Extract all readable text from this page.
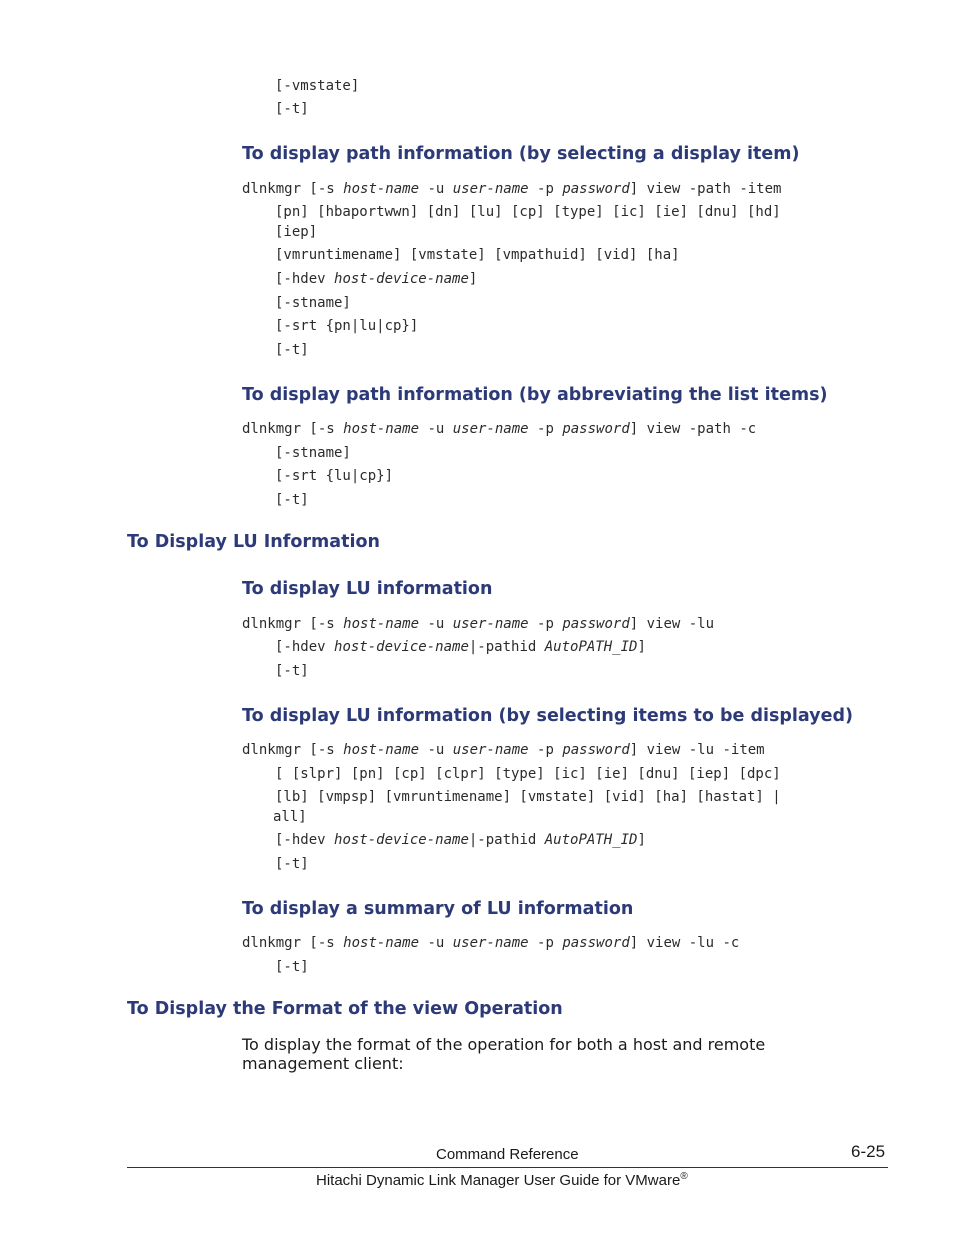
[-vmstate]
[-t]
To display path information (by selecting a display item)
dlnkmgr [-s host-name -u user-name -p password] view -path -item
[pn] [hbaportwwn] [dn] [lu] [cp] [type] [ic] [ie] [dnu] [hd]
[iep]
[vmruntimename] [vmstate] [vmpathuid] [vid] [ha]
[-hdev host-device-name]
[-stname]
[-srt {pn|lu|cp}]
[-t]
To display path information (by abbreviating the list items)
dlnkmgr [-s host-name -u user-name -p password] view -path -c
[-stname]
[-srt {lu|cp}]
[-t]
To Display LU Information
To display LU information
dlnkmgr [-s host-name -u user-name -p password] view -lu
[-hdev host-device-name|-pathid AutoPATH_ID]
[-t]
To display LU information (by selecting items to be displayed)
dlnkmgr [-s host-name -u user-name -p password] view -lu -item
[ [slpr] [pn] [cp] [clpr] [type] [ic] [ie] [dnu] [iep] [dpc]
[lb] [vmpsp] [vmruntimename] [vmstate] [vid] [ha] [hastat] |
all]
[-hdev host-device-name|-pathid AutoPATH_ID]
[-t]
To display a summary of LU information
dlnkmgr [-s host-name -u user-name -p password] view -lu -c
[-t]
To Display the Format of the view Operation

To display the format of the operation for both a host and remote management client:

Command Reference	6-25
Hitachi Dynamic Link Manager User Guide for VMware®
